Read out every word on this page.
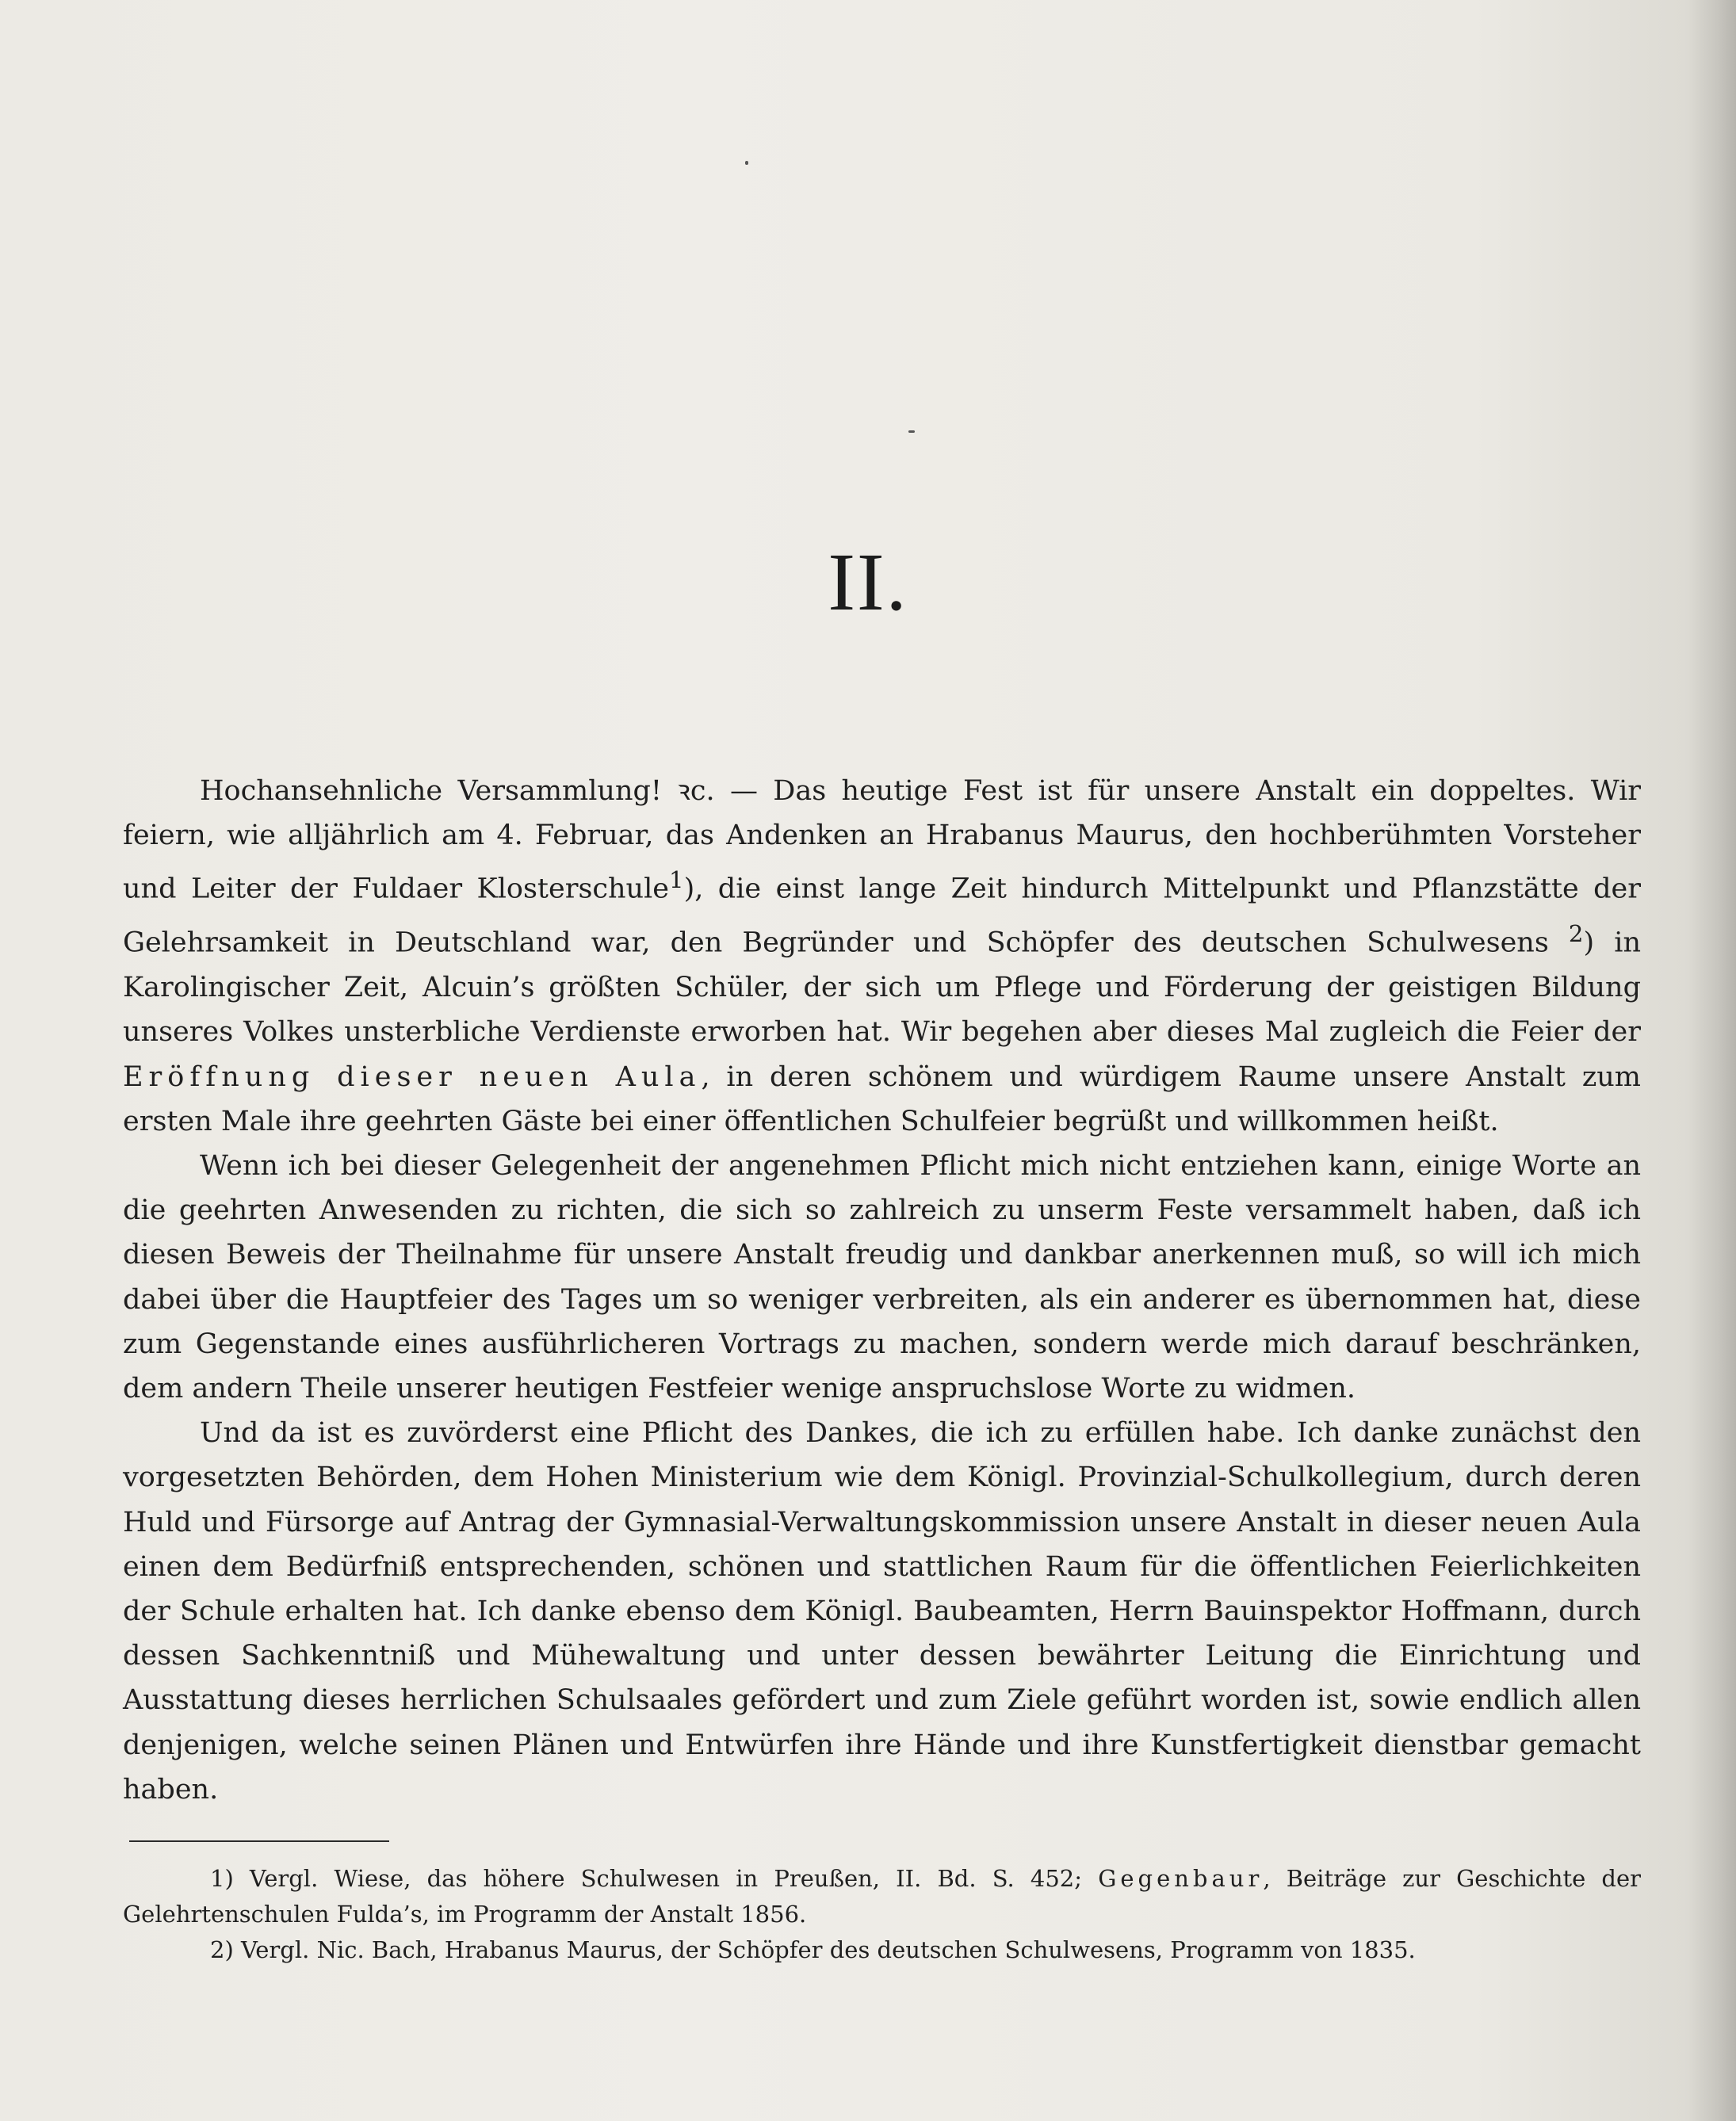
II.

Hochansehnliche Versammlung! ꝛc. — Das heutige Fest ist für unsere Anstalt ein doppeltes. Wir feiern, wie alljährlich am 4. Februar, das Andenken an Hrabanus Maurus, den hochberühmten Vorsteher und Leiter der Fuldaer Klosterschule$^1$), die einst lange Zeit hindurch Mittelpunkt und Pflanzstätte der Gelehrsamkeit in Deutschland war, den Begründer und Schöpfer des deutschen Schulwesens $^2$) in Karolingischer Zeit, Alcuin’s größten Schüler, der sich um Pflege und Förderung der geistigen Bildung unseres Volkes unsterbliche Verdienste erworben hat. Wir begehen aber dieses Mal zugleich die Feier der Eröffnung dieser neuen Aula, in deren schönem und würdigem Raume unsere Anstalt zum ersten Male ihre geehrten Gäste bei einer öffentlichen Schulfeier begrüßt und willkommen heißt.

Wenn ich bei dieser Gelegenheit der angenehmen Pflicht mich nicht entziehen kann, einige Worte an die geehrten Anwesenden zu richten, die sich so zahlreich zu unserm Feste versammelt haben, daß ich diesen Beweis der Theilnahme für unsere Anstalt freudig und dankbar anerkennen muß, so will ich mich dabei über die Hauptfeier des Tages um so weniger verbreiten, als ein anderer es übernommen hat, diese zum Gegenstande eines ausführlicheren Vortrags zu machen, sondern werde mich darauf beschränken, dem andern Theile unserer heutigen Festfeier wenige anspruchslose Worte zu widmen.

Und da ist es zuvörderst eine Pflicht des Dankes, die ich zu erfüllen habe. Ich danke zunächst den vorgesetzten Behörden, dem Hohen Ministerium wie dem Königl. Provinzial-Schulkollegium, durch deren Huld und Fürsorge auf Antrag der Gymnasial-Verwaltungskommission unsere Anstalt in dieser neuen Aula einen dem Bedürfniß entsprechenden, schönen und stattlichen Raum für die öffentlichen Feierlichkeiten der Schule erhalten hat. Ich danke ebenso dem Königl. Baubeamten, Herrn Bauinspektor Hoffmann, durch dessen Sachkenntniß und Mühewaltung und unter dessen bewährter Leitung die Einrichtung und Ausstattung dieses herrlichen Schulsaales gefördert und zum Ziele geführt worden ist, sowie endlich allen denjenigen, welche seinen Plänen und Entwürfen ihre Hände und ihre Kunstfertigkeit dienstbar gemacht haben.

1) Vergl. Wiese, das höhere Schulwesen in Preußen, II. Bd. S. 452; Gegenbaur, Beiträge zur Geschichte der Gelehrtenschulen Fulda’s, im Programm der Anstalt 1856.

2) Vergl. Nic. Bach, Hrabanus Maurus, der Schöpfer des deutschen Schulwesens, Programm von 1835.
